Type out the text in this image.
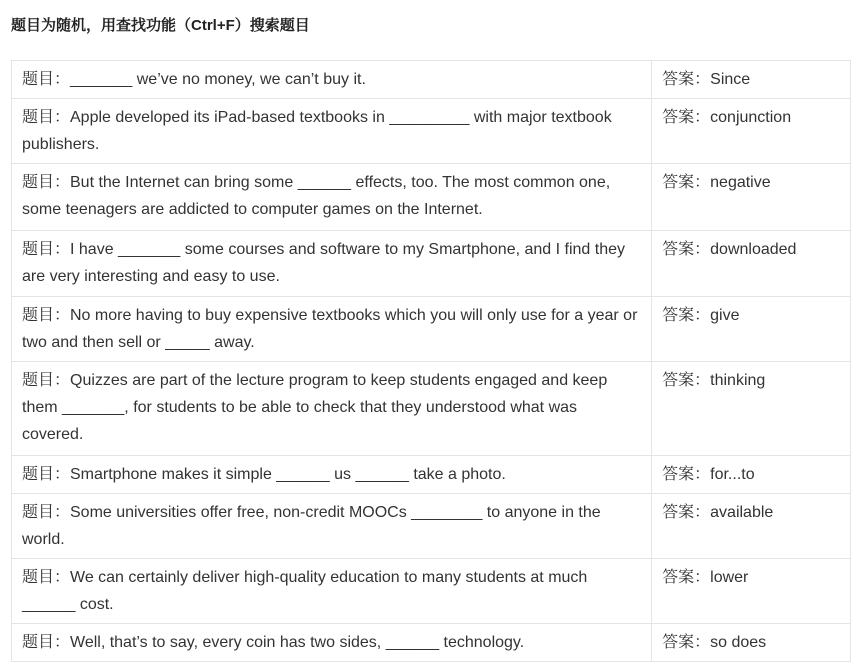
题目为随机，用查找功能（Ctrl+F）搜索题目
题目：_______ we’ve no money, we can’t buy it.	答案：Since
题目：Apple developed its iPad-based textbooks in _________ with major textbook publishers.	答案：conjunction
题目：But the Internet can bring some ______ effects, too. The most common one, some teenagers are addicted to computer games on the Internet.	答案：negative
题目：I have _______ some courses and software to my Smartphone, and I find they are very interesting and easy to use.	答案：downloaded
题目：No more having to buy expensive textbooks which you will only use for a year or two and then sell or _____ away.	答案：give
题目：Quizzes are part of the lecture program to keep students engaged and keep them _______, for students to be able to check that they understood what was covered.	答案：thinking
题目：Smartphone makes it simple ______ us ______ take a photo.	答案：for...to
题目：Some universities offer free, non-credit MOOCs ________ to anyone in the world.	答案：available
题目：We can certainly deliver high-quality education to many students at much ______ cost.	答案：lower
题目：Well, that’s to say, every coin has two sides, ______ technology.	答案：so does
